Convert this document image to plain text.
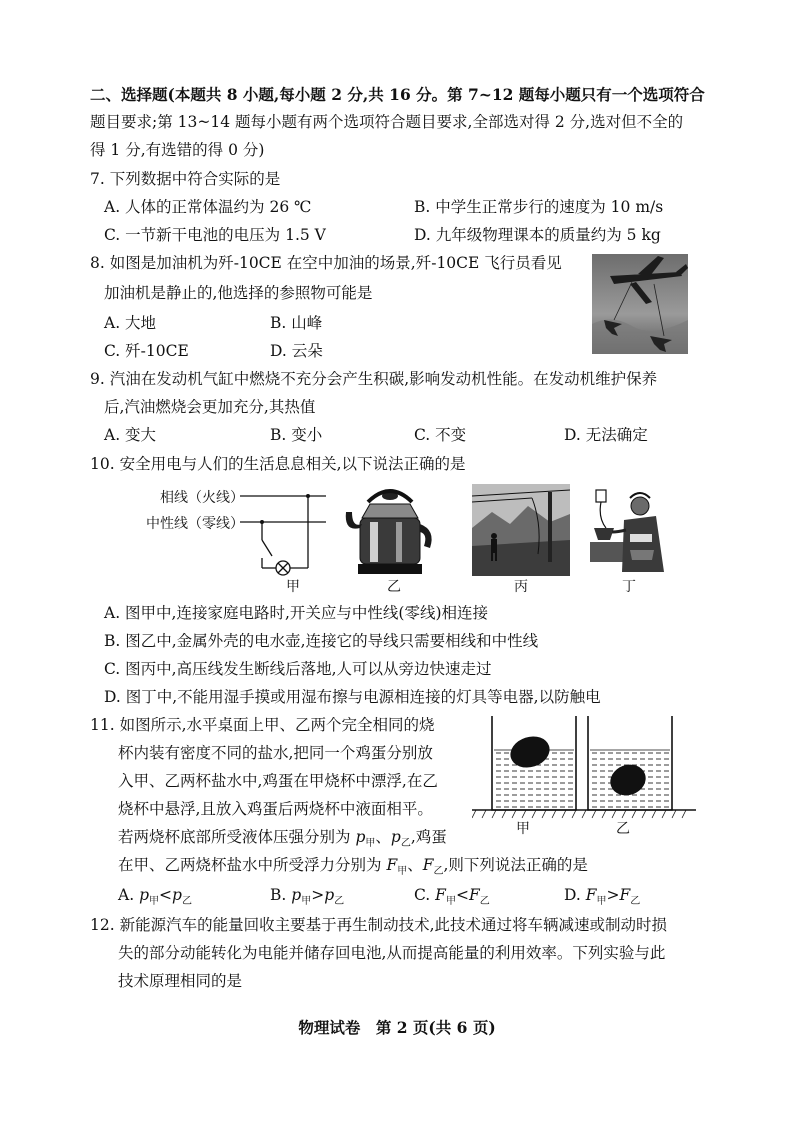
二、选择题(本题共 8 小题,每小题 2 分,共 16 分。第 7~12 题每小题只有一个选项符合
题目要求;第 13~14 题每小题有两个选项符合题目要求,全部选对得 2 分,选对但不全的
得 1 分,有选错的得 0 分)
7. 下列数据中符合实际的是
A. 人体的正常体温约为 26 ℃	B. 中学生正常步行的速度为 10 m/s
C. 一节新干电池的电压为 1.5 V	D. 九年级物理课本的质量约为 5 kg
8. 如图是加油机为歼-10CE 在空中加油的场景,歼-10CE 飞行员看见
加油机是静止的,他选择的参照物可能是
A. 大地	B. 山峰
C. 歼-10CE	D. 云朵
9. 汽油在发动机气缸中燃烧不充分会产生积碳,影响发动机性能。在发动机维护保养
后,汽油燃烧会更加充分,其热值
A. 变大	B. 变小	C. 不变	D. 无法确定
10. 安全用电与人们的生活息息相关,以下说法正确的是
相线（火线）
中性线（零线）
甲	乙	丙	丁
A. 图甲中,连接家庭电路时,开关应与中性线(零线)相连接
B. 图乙中,金属外壳的电水壶,连接它的导线只需要相线和中性线
C. 图丙中,高压线发生断线后落地,人可以从旁边快速走过
D. 图丁中,不能用湿手摸或用湿布擦与电源相连接的灯具等电器,以防触电
11. 如图所示,水平桌面上甲、乙两个完全相同的烧
杯内装有密度不同的盐水,把同一个鸡蛋分别放
入甲、乙两杯盐水中,鸡蛋在甲烧杯中漂浮,在乙
烧杯中悬浮,且放入鸡蛋后两烧杯中液面相平。
若两烧杯底部所受液体压强分别为 $p_甲$、$p_乙$,鸡蛋
在甲、乙两烧杯盐水中所受浮力分别为 $F_甲$、$F_乙$,则下列说法正确的是
A. $p_甲<p_乙$	B. $p_甲>p_乙$	C. $F_甲<F_乙$	D. $F_甲>F_乙$
甲	乙
12. 新能源汽车的能量回收主要基于再生制动技术,此技术通过将车辆减速或制动时损
失的部分动能转化为电能并储存回电池,从而提高能量的利用效率。下列实验与此
技术原理相同的是
物理试卷　第 2 页(共 6 页)
